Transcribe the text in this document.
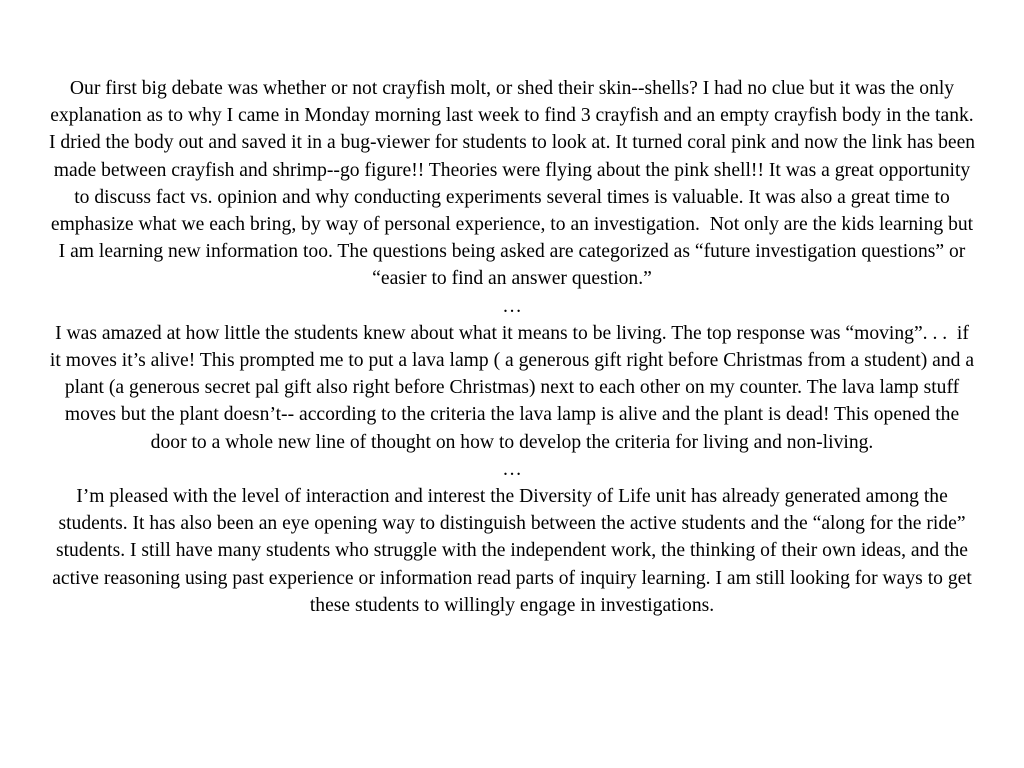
Our first big debate was whether or not crayfish molt, or shed their skin--shells? I had no clue but it was the only explanation as to why I came in Monday morning last week to find 3 crayfish and an empty crayfish body in the tank. I dried the body out and saved it in a bug-viewer for students to look at. It turned coral pink and now the link has been made between crayfish and shrimp--go figure!! Theories were flying about the pink shell!! It was a great opportunity to discuss fact vs. opinion and why conducting experiments several times is valuable. It was also a great time to emphasize what we each bring, by way of personal experience, to an investigation.  Not only are the kids learning but I am learning new information too. The questions being asked are categorized as “future investigation questions” or “easier to find an answer question.”

…

I was amazed at how little the students knew about what it means to be living. The top response was “moving”. . .  if it moves it’s alive! This prompted me to put a lava lamp ( a generous gift right before Christmas from a student) and a plant (a generous secret pal gift also right before Christmas) next to each other on my counter. The lava lamp stuff moves but the plant doesn’t-- according to the criteria the lava lamp is alive and the plant is dead! This opened the door to a whole new line of thought on how to develop the criteria for living and non-living.

…

I’m pleased with the level of interaction and interest the Diversity of Life unit has already generated among the students. It has also been an eye opening way to distinguish between the active students and the “along for the ride” students. I still have many students who struggle with the independent work, the thinking of their own ideas, and the active reasoning using past experience or information read parts of inquiry learning. I am still looking for ways to get these students to willingly engage in investigations.
